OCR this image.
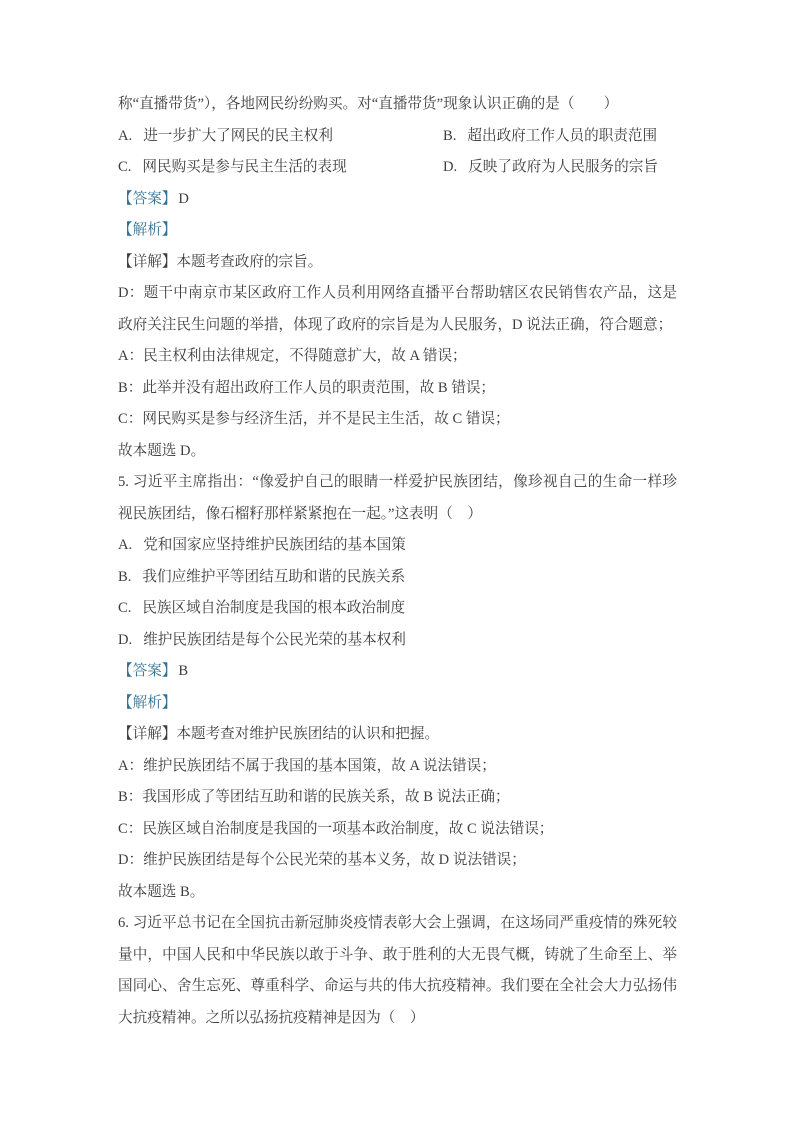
称“直播带货”），各地网民纷纷购买。对“直播带货”现象认识正确的是（　　）

A. 进一步扩大了网民的民主权利	B. 超出政府工作人员的职责范围
C. 网民购买是参与民主生活的表现	D. 反映了政府为人民服务的宗旨

【答案】 D

【解析】

【详解】本题考查政府的宗旨。

D：题干中南京市某区政府工作人员利用网络直播平台帮助辖区农民销售农产品，这是政府关注民生问题的举措，体现了政府的宗旨是为人民服务，D 说法正确，符合题意；

A：民主权利由法律规定，不得随意扩大，故 A 错误；

B：此举并没有超出政府工作人员的职责范围，故 B 错误；

C：网民购买是参与经济生活，并不是民主生活，故 C 错误；

故本题选 D。

5. 习近平主席指出：“像爱护自己的眼睛一样爱护民族团结，像珍视自己的生命一样珍视民族团结，像石榴籽那样紧紧抱在一起。”这表明（　）

A. 党和国家应坚持维护民族团结的基本国策

B. 我们应维护平等团结互助和谐的民族关系

C. 民族区域自治制度是我国的根本政治制度

D. 维护民族团结是每个公民光荣的基本权利

【答案】 B

【解析】

【详解】本题考查对维护民族团结的认识和把握。

A：维护民族团结不属于我国的基本国策，故 A 说法错误；

B：我国形成了等团结互助和谐的民族关系，故 B 说法正确；

C：民族区域自治制度是我国的一项基本政治制度，故 C 说法错误；

D：维护民族团结是每个公民光荣的基本义务，故 D 说法错误；

故本题选 B。

6. 习近平总书记在全国抗击新冠肺炎疫情表彰大会上强调，在这场同严重疫情的殊死较量中，中国人民和中华民族以敢于斗争、敢于胜利的大无畏气概，铸就了生命至上、举国同心、舍生忘死、尊重科学、命运与共的伟大抗疫精神。我们要在全社会大力弘扬伟大抗疫精神。之所以弘扬抗疫精神是因为（　）
